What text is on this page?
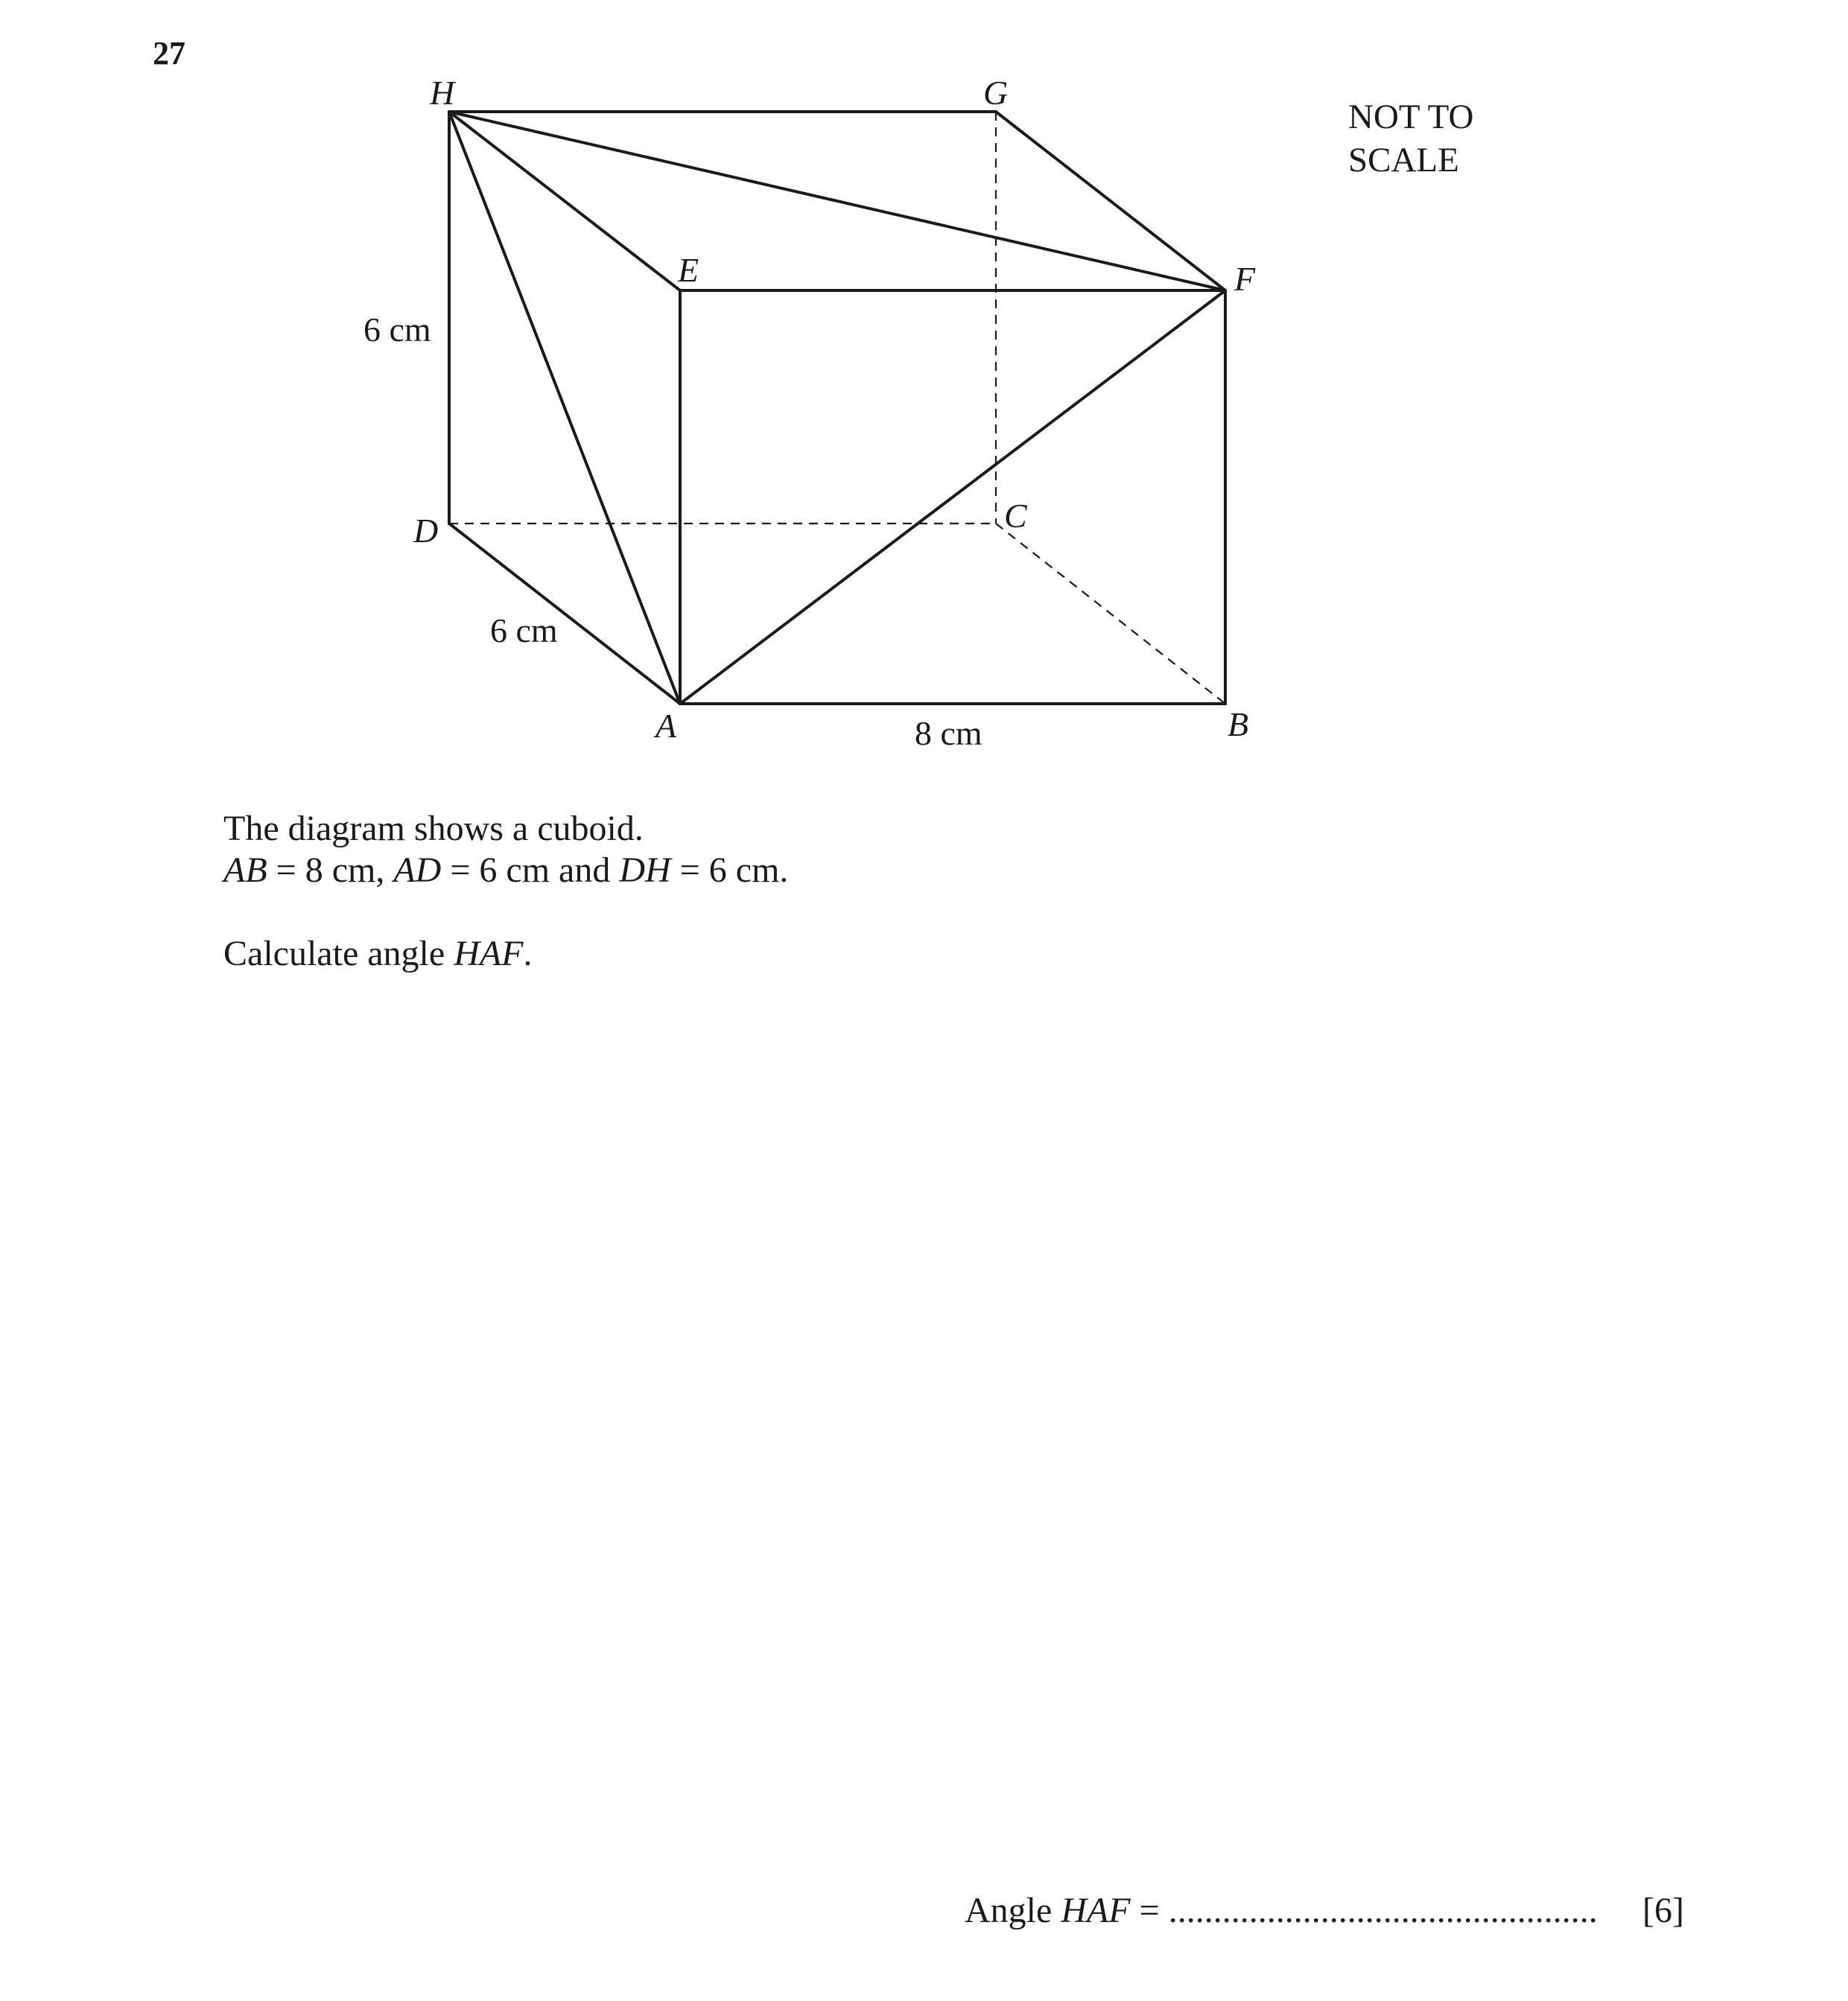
27
H	G
E	F
D	C
A	B
6 cm
6 cm
8 cm
NOT TO
SCALE

The diagram shows a cuboid.

AB = 8 cm, AD = 6 cm and DH = 6 cm.

Calculate angle HAF.

Angle HAF = ................................................ [6]
